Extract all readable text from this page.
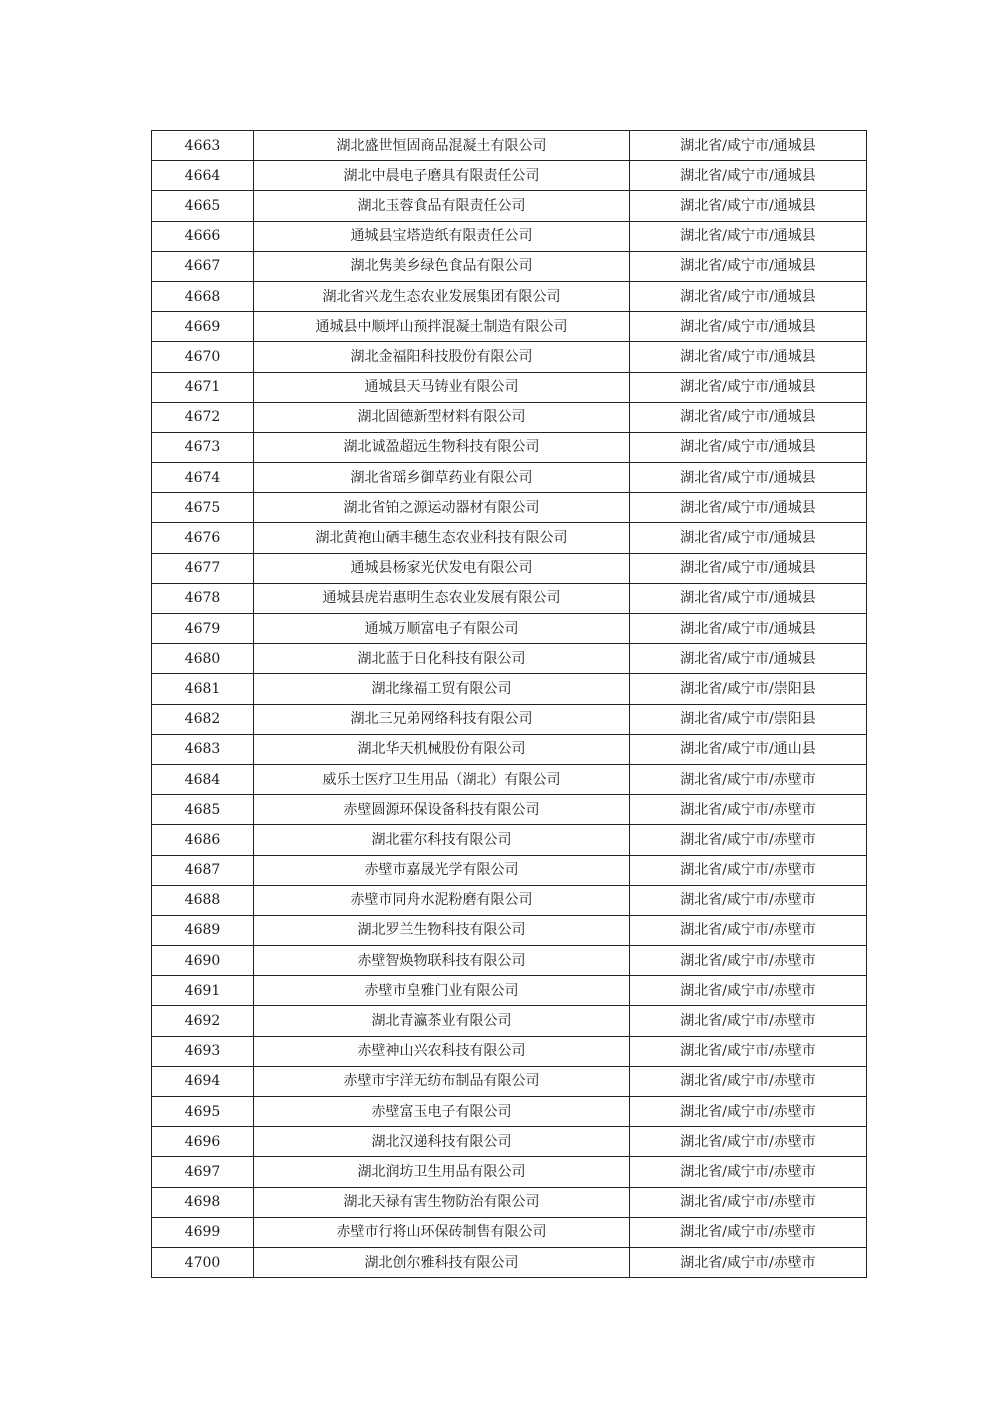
4663	湖北盛世恒固商品混凝土有限公司	湖北省/咸宁市/通城县
4664	湖北中晨电子磨具有限责任公司	湖北省/咸宁市/通城县
4665	湖北玉蓉食品有限责任公司	湖北省/咸宁市/通城县
4666	通城县宝塔造纸有限责任公司	湖北省/咸宁市/通城县
4667	湖北隽美乡绿色食品有限公司	湖北省/咸宁市/通城县
4668	湖北省兴龙生态农业发展集团有限公司	湖北省/咸宁市/通城县
4669	通城县中顺坪山预拌混凝土制造有限公司	湖北省/咸宁市/通城县
4670	湖北金福阳科技股份有限公司	湖北省/咸宁市/通城县
4671	通城县天马铸业有限公司	湖北省/咸宁市/通城县
4672	湖北固德新型材料有限公司	湖北省/咸宁市/通城县
4673	湖北诚盈超远生物科技有限公司	湖北省/咸宁市/通城县
4674	湖北省瑶乡御草药业有限公司	湖北省/咸宁市/通城县
4675	湖北省铂之源运动器材有限公司	湖北省/咸宁市/通城县
4676	湖北黄袍山硒丰穗生态农业科技有限公司	湖北省/咸宁市/通城县
4677	通城县杨家光伏发电有限公司	湖北省/咸宁市/通城县
4678	通城县虎岩惠明生态农业发展有限公司	湖北省/咸宁市/通城县
4679	通城万顺富电子有限公司	湖北省/咸宁市/通城县
4680	湖北蓝于日化科技有限公司	湖北省/咸宁市/通城县
4681	湖北缘福工贸有限公司	湖北省/咸宁市/崇阳县
4682	湖北三兄弟网络科技有限公司	湖北省/咸宁市/崇阳县
4683	湖北华天机械股份有限公司	湖北省/咸宁市/通山县
4684	威乐士医疗卫生用品（湖北）有限公司	湖北省/咸宁市/赤壁市
4685	赤壁圆源环保设备科技有限公司	湖北省/咸宁市/赤壁市
4686	湖北霍尔科技有限公司	湖北省/咸宁市/赤壁市
4687	赤壁市嘉晟光学有限公司	湖北省/咸宁市/赤壁市
4688	赤壁市同舟水泥粉磨有限公司	湖北省/咸宁市/赤壁市
4689	湖北罗兰生物科技有限公司	湖北省/咸宁市/赤壁市
4690	赤壁智焕物联科技有限公司	湖北省/咸宁市/赤壁市
4691	赤壁市皇雅门业有限公司	湖北省/咸宁市/赤壁市
4692	湖北青瀛茶业有限公司	湖北省/咸宁市/赤壁市
4693	赤壁神山兴农科技有限公司	湖北省/咸宁市/赤壁市
4694	赤壁市宇洋无纺布制品有限公司	湖北省/咸宁市/赤壁市
4695	赤壁富玉电子有限公司	湖北省/咸宁市/赤壁市
4696	湖北汉递科技有限公司	湖北省/咸宁市/赤壁市
4697	湖北润坊卫生用品有限公司	湖北省/咸宁市/赤壁市
4698	湖北天禄有害生物防治有限公司	湖北省/咸宁市/赤壁市
4699	赤壁市行将山环保砖制售有限公司	湖北省/咸宁市/赤壁市
4700	湖北创尔雅科技有限公司	湖北省/咸宁市/赤壁市
